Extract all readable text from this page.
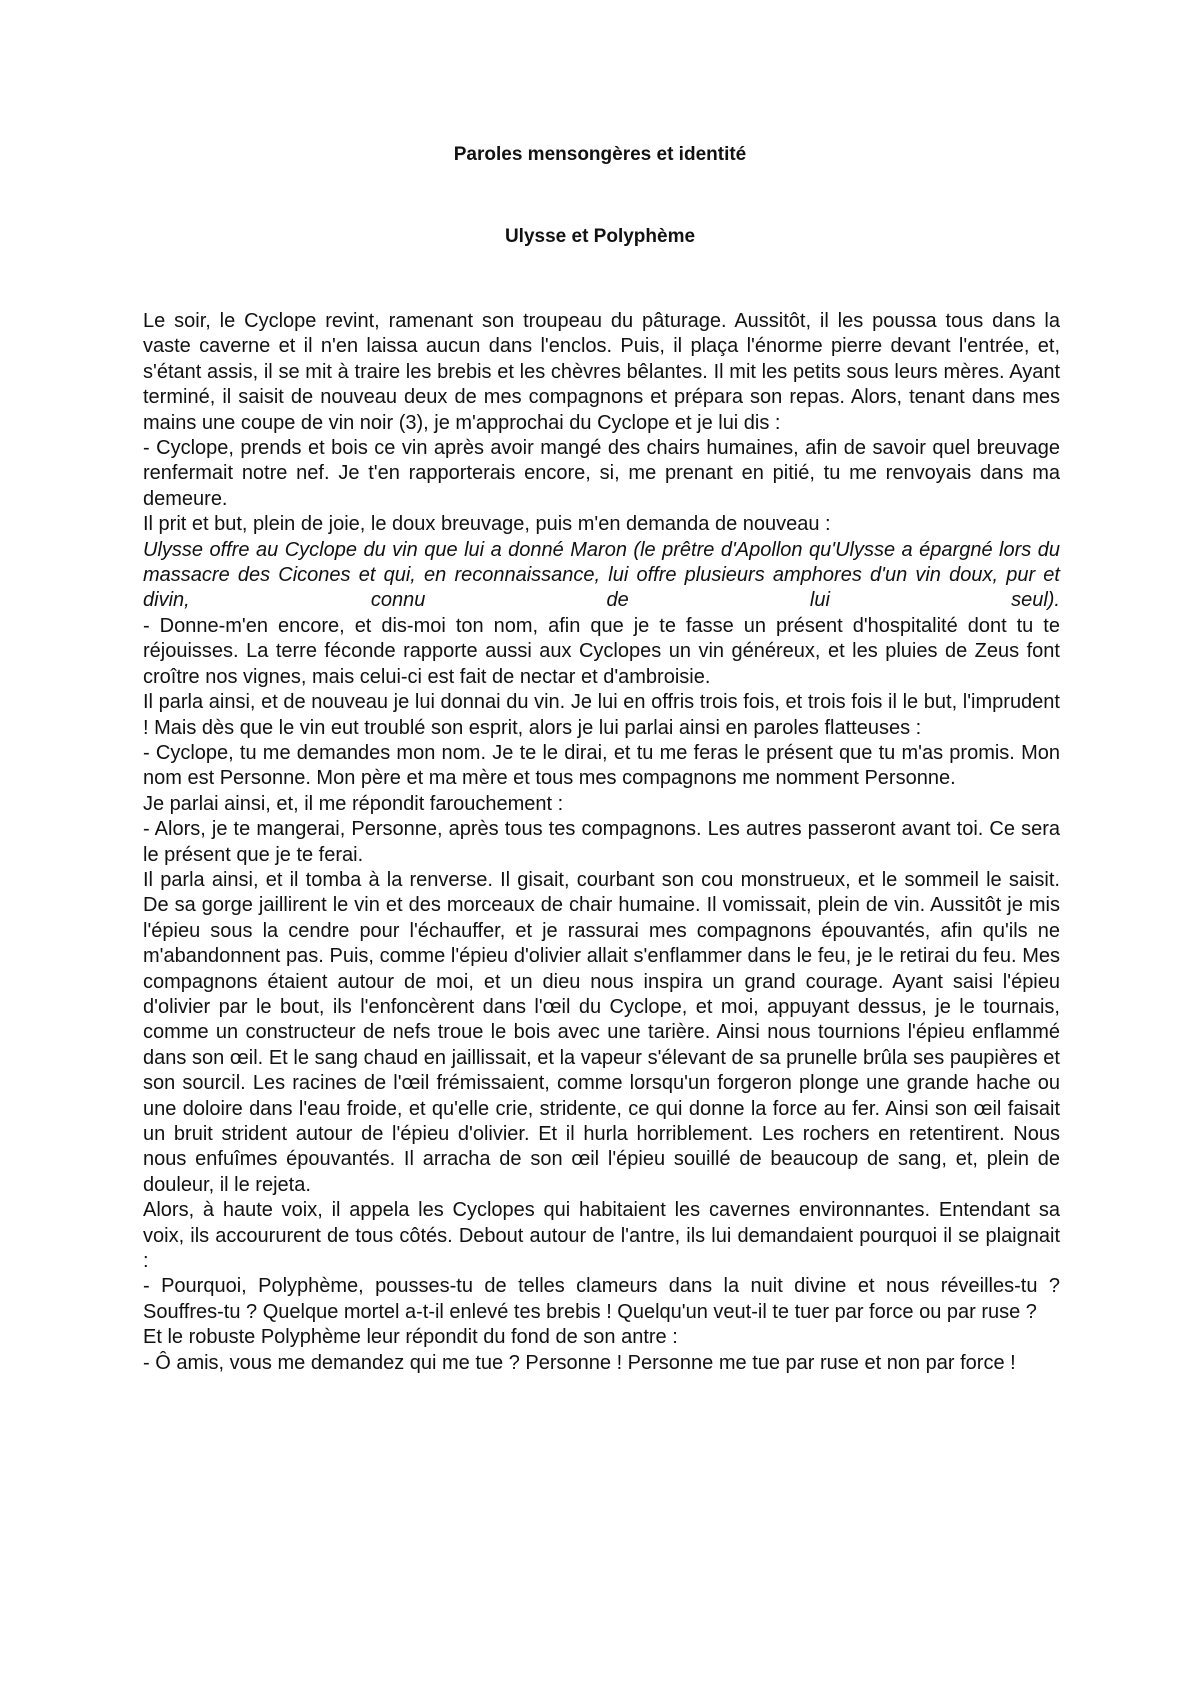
Paroles mensongères et identité
Ulysse et Polyphème

Le soir, le Cyclope revint, ramenant son troupeau du pâturage. Aussitôt, il les poussa tous dans la vaste caverne et il n'en laissa aucun dans l'enclos. Puis, il plaça l'énorme pierre devant l'entrée, et, s'étant assis, il se mit à traire les brebis et les chèvres bêlantes. Il mit les petits sous leurs mères. Ayant terminé, il saisit de nouveau deux de mes compagnons et prépara son repas. Alors, tenant dans mes mains une coupe de vin noir (3), je m'approchai du Cyclope et je lui dis :

- Cyclope, prends et bois ce vin après avoir mangé des chairs humaines, afin de savoir quel breuvage renfermait notre nef. Je t'en rapporterais encore, si, me prenant en pitié, tu me renvoyais dans ma demeure.

Il prit et but, plein de joie, le doux breuvage, puis m'en demanda de nouveau :

Ulysse offre au Cyclope du vin que lui a donné Maron (le prêtre d'Apollon qu'Ulysse a épargné lors du massacre des Cicones et qui, en reconnaissance, lui offre plusieurs amphores d'un vin doux, pur et divin, connu de lui seul).

- Donne-m'en encore, et dis-moi ton nom, afin que je te fasse un présent d'hospitalité dont tu te réjouisses. La terre féconde rapporte aussi aux Cyclopes un vin généreux, et les pluies de Zeus font croître nos vignes, mais celui-ci est fait de nectar et d'ambroisie.

Il parla ainsi, et de nouveau je lui donnai du vin. Je lui en offris trois fois, et trois fois il le but, l'imprudent ! Mais dès que le vin eut troublé son esprit, alors je lui parlai ainsi en paroles flatteuses :

- Cyclope, tu me demandes mon nom. Je te le dirai, et tu me feras le présent que tu m'as promis. Mon nom est Personne. Mon père et ma mère et tous mes compagnons me nomment Personne.

Je parlai ainsi, et, il me répondit farouchement :

- Alors, je te mangerai, Personne, après tous tes compagnons. Les autres passeront avant toi. Ce sera le présent que je te ferai.

Il parla ainsi, et il tomba à la renverse. Il gisait, courbant son cou monstrueux, et le sommeil le saisit. De sa gorge jaillirent le vin et des morceaux de chair humaine. Il vomissait, plein de vin. Aussitôt je mis l'épieu sous la cendre pour l'échauffer, et je rassurai mes compagnons épouvantés, afin qu'ils ne m'abandonnent pas. Puis, comme l'épieu d'olivier allait s'enflammer dans le feu, je le retirai du feu. Mes compagnons étaient autour de moi, et un dieu nous inspira un grand courage. Ayant saisi l'épieu d'olivier par le bout, ils l'enfoncèrent dans l'œil du Cyclope, et moi, appuyant dessus, je le tournais, comme un constructeur de nefs troue le bois avec une tarière. Ainsi nous tournions l'épieu enflammé dans son œil. Et le sang chaud en jaillissait, et la vapeur s'élevant de sa prunelle brûla ses paupières et son sourcil. Les racines de l'œil frémissaient, comme lorsqu'un forgeron plonge une grande hache ou une doloire dans l'eau froide, et qu'elle crie, stridente, ce qui donne la force au fer. Ainsi son œil faisait un bruit strident autour de l'épieu d'olivier. Et il hurla horriblement. Les rochers en retentirent. Nous nous enfuîmes épouvantés. Il arracha de son œil l'épieu souillé de beaucoup de sang, et, plein de douleur, il le rejeta.

Alors, à haute voix, il appela les Cyclopes qui habitaient les cavernes environnantes. Entendant sa voix, ils accoururent de tous côtés. Debout autour de l'antre, ils lui demandaient pourquoi il se plaignait :

- Pourquoi, Polyphème, pousses-tu de telles clameurs dans la nuit divine et nous réveilles-tu ? Souffres-tu ? Quelque mortel a-t-il enlevé tes brebis ! Quelqu'un veut-il te tuer par force ou par ruse ?

Et le robuste Polyphème leur répondit du fond de son antre :

- Ô amis, vous me demandez qui me tue ? Personne ! Personne me tue par ruse et non par force !
